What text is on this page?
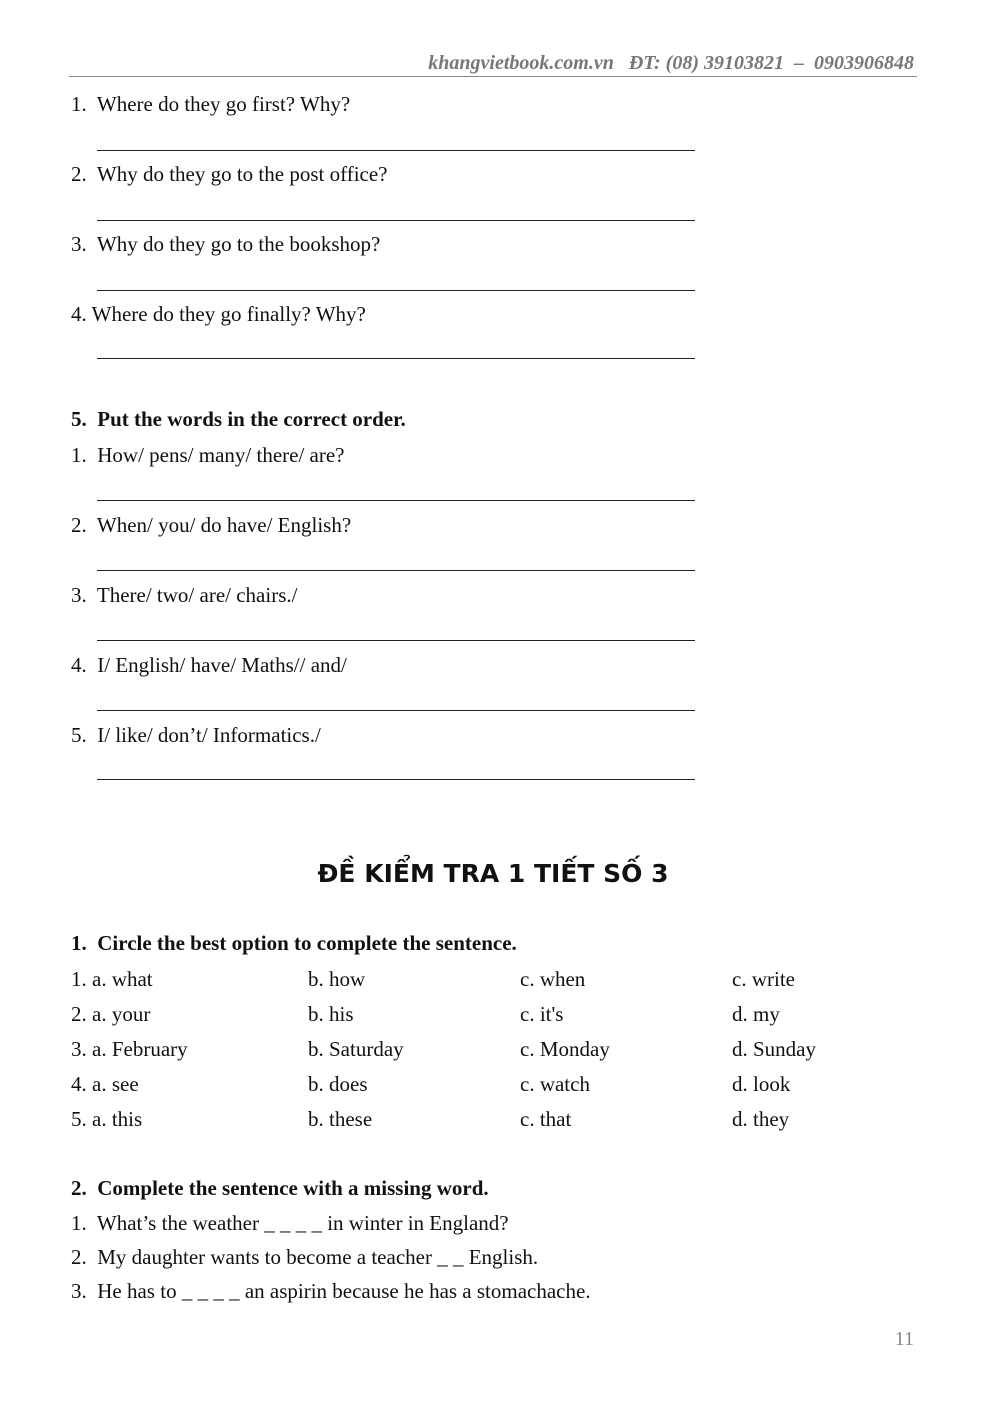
khangvietbook.com.vn   ĐT: (08) 39103821  –  0903906848
ĐỀ KIỂM TRA 1 TIẾT SỐ 3
11
1.  Where do they go first? Why?
2.  Why do they go to the post office?
3.  Why do they go to the bookshop?
4. Where do they go finally? Why?
5.  Put the words in the correct order.
1.  How/ pens/ many/ there/ are?
2.  When/ you/ do have/ English?
3.  There/ two/ are/ chairs./
4.  I/ English/ have/ Maths// and/
5.  I/ like/ don’t/ Informatics./
1.  Circle the best option to complete the sentence.
1. a. what	b. how	c. when	c. write
2. a. your	b. his	c. it's	d. my
3. a. February	b. Saturday	c. Monday	d. Sunday
4. a. see	b. does	c. watch	d. look
5. a. this	b. these	c. that	d. they
2.  Complete the sentence with a missing word.
1.  What’s the weather _ _ _ _ in winter in England?
2.  My daughter wants to become a teacher _ _ English.
3.  He has to _ _ _ _ an aspirin because he has a stomachache.
